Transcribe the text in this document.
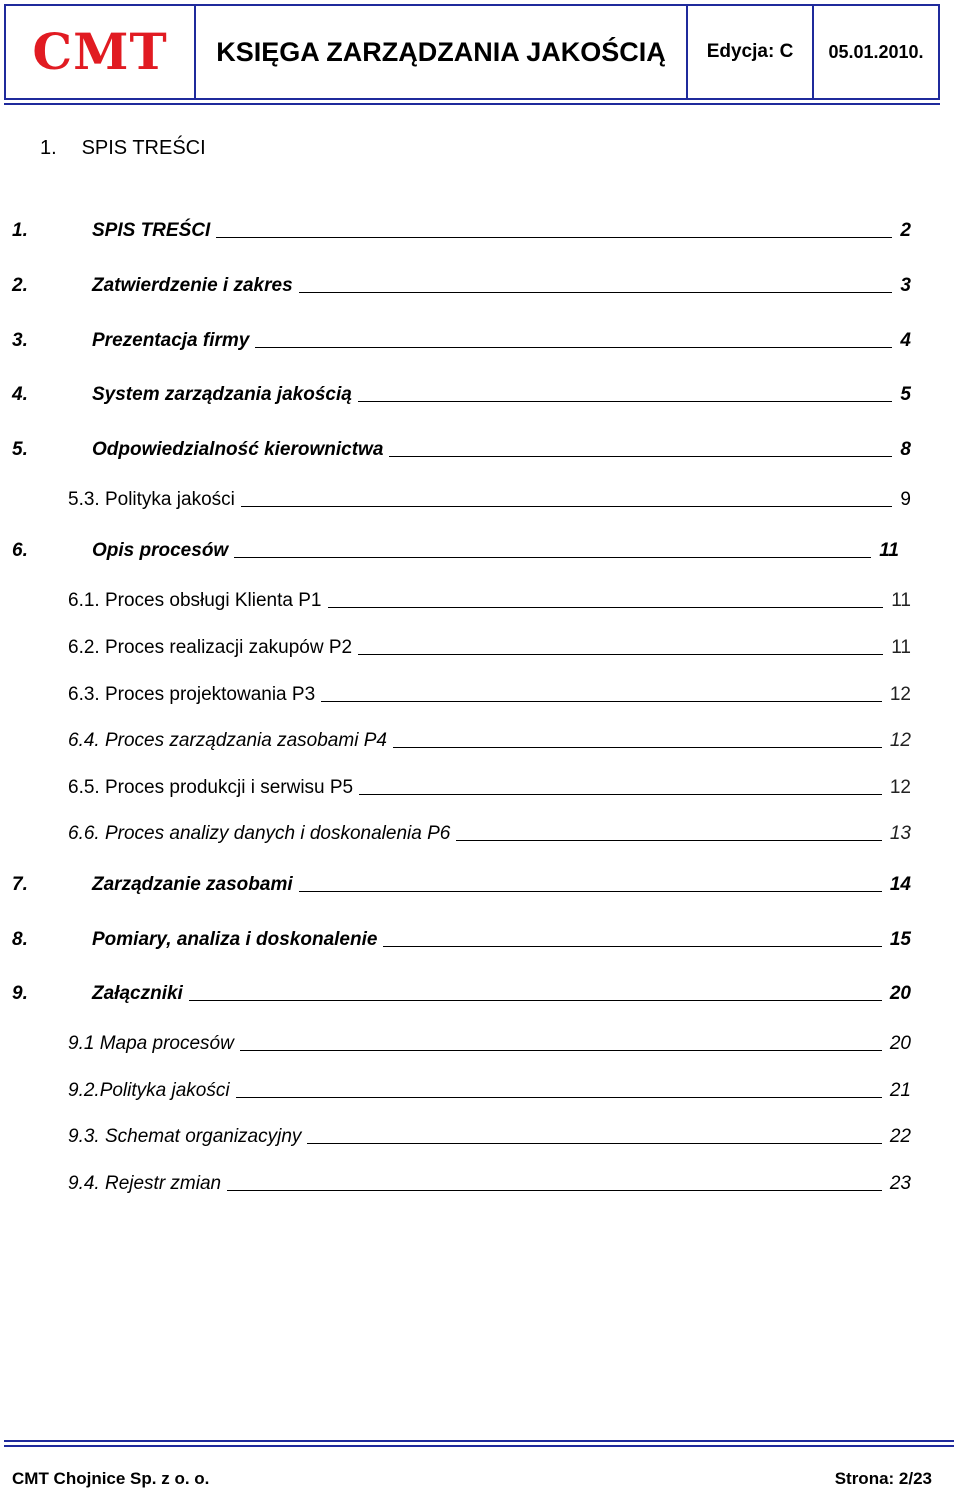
CMT	KSIĘGA ZARZĄDZANIA JAKOŚCIĄ	Edycja: C	05.01.2010.
1. SPIS TREŚCI
1.	SPIS TREŚCI	2
2.	Zatwierdzenie i zakres	3
3.	Prezentacja firmy	4
4.	System zarządzania jakością	5
5.	Odpowiedzialność kierownictwa	8
5.3. Polityka jakości	9
6.	Opis procesów	11
6.1. Proces obsługi Klienta P1	11
6.2. Proces realizacji zakupów P2	11
6.3. Proces projektowania P3	12
6.4. Proces zarządzania zasobami P4	12
6.5. Proces produkcji i serwisu P5	12
6.6. Proces analizy danych i doskonalenia P6	13
7.	Zarządzanie zasobami	14
8.	Pomiary, analiza i doskonalenie	15
9.	Załączniki	20
9.1 Mapa procesów	20
9.2.Polityka jakości	21
9.3. Schemat organizacyjny	22
9.4. Rejestr zmian	23
CMT Chojnice Sp. z o. o.	Strona: 2/23
